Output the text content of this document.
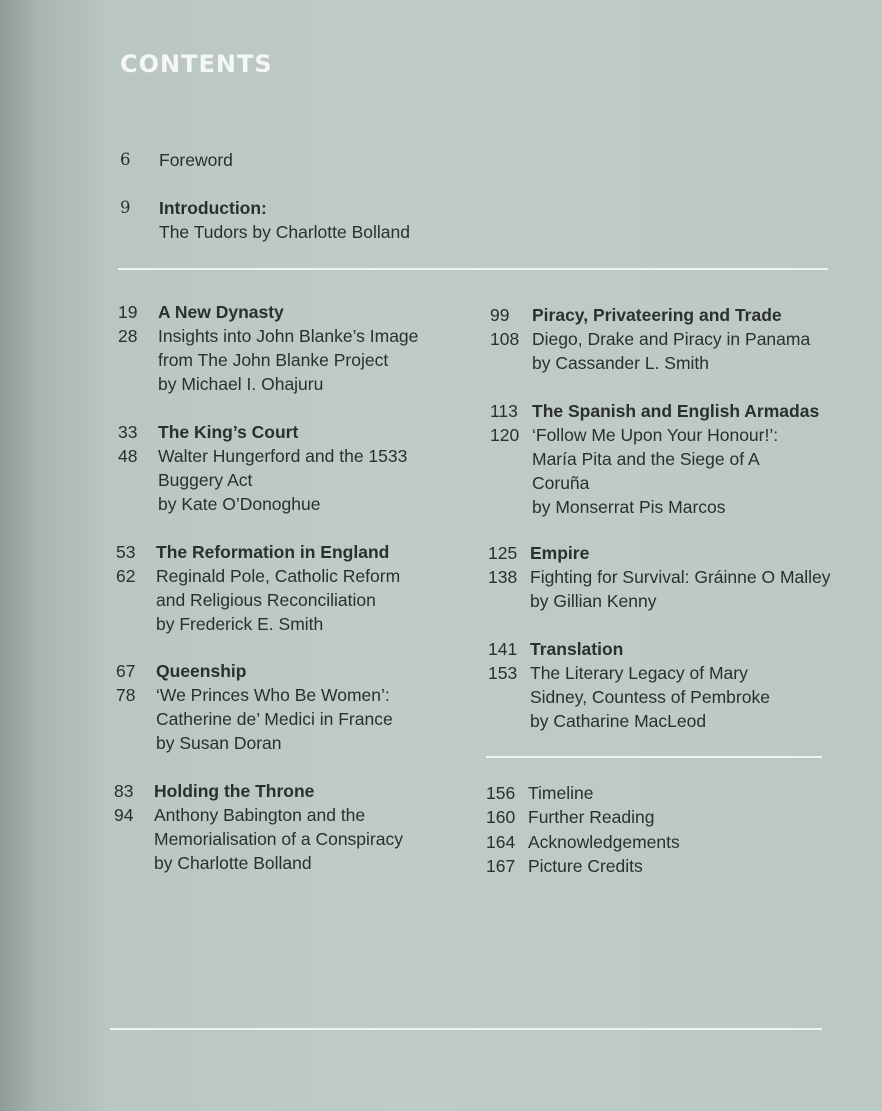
CONTENTS
6 Foreword
9 Introduction:
The Tudors by Charlotte Bolland
19
28
A New Dynasty
Insights into John Blanke’s Image
from The John Blanke Project
by Michael I. Ohajuru
33
48
The King’s Court
Walter Hungerford and the 1533
Buggery Act
by Kate O’Donoghue
53
62
The Reformation in England
Reginald Pole, Catholic Reform
and Religious Reconciliation
by Frederick E. Smith
67
78
Queenship
‘We Princes Who Be Women’:
Catherine de’ Medici in France
by Susan Doran
83
94
Holding the Throne
Anthony Babington and the
Memorialisation of a Conspiracy
by Charlotte Bolland
99
108
Piracy, Privateering and Trade
Diego, Drake and Piracy in Panama
by Cassander L. Smith
113
120
The Spanish and English Armadas
‘Follow Me Upon Your Honour!’:
María Pita and the Siege of A
Coruña
by Monserrat Pis Marcos
125
138
Empire
Fighting for Survival: Gráinne O Malley
by Gillian Kenny
141
153
Translation
The Literary Legacy of Mary
Sidney, Countess of Pembroke
by Catharine MacLeod
156 Timeline
160 Further Reading
164 Acknowledgements
167 Picture Credits
